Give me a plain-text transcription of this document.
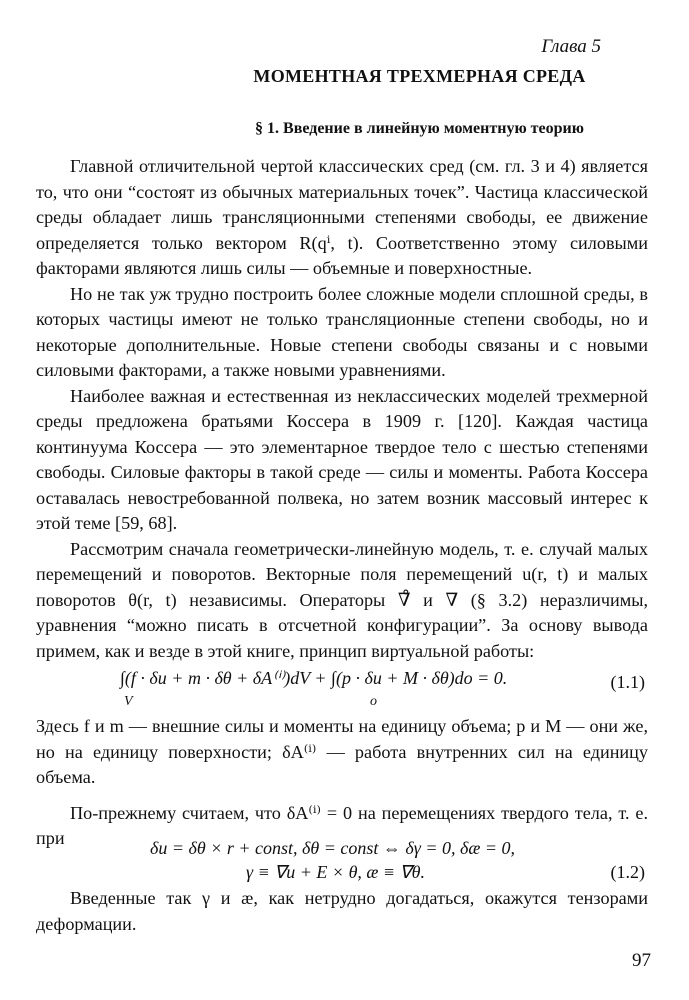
Глава 5
МОМЕНТНАЯ ТРЕХМЕРНАЯ СРЕДА
§ 1. Введение в линейную моментную теорию

Главной отличительной чертой классических сред (см. гл. 3 и 4) является то, что они “состоят из обычных материальных точек”. Частица классической среды обладает лишь трансляционными степенями свободы, ее движение определяется только вектором R(qⁱ, t). Соответственно этому силовыми факторами являются лишь силы — объемные и поверхностные.

Но не так уж трудно построить более сложные модели сплошной среды, в которых частицы имеют не только трансляционные степени свободы, но и некоторые дополнительные. Новые степени свободы связаны и с новыми силовыми факторами, а также новыми уравнениями.

Наиболее важная и естественная из неклассических моделей трехмерной среды предложена братьями Коссера в 1909 г. [120]. Каждая частица континуума Коссера — это элементарное твердое тело с шестью степенями свободы. Силовые факторы в такой среде — силы и моменты. Работа Коссера оставалась невостребованной полвека, но затем возник массовый интерес к этой теме [59, 68].

Рассмотрим сначала геометрически-линейную модель, т. е. случай малых перемещений и поворотов. Векторные поля перемещений u(r, t) и малых поворотов θ(r, t) независимы. Операторы ∇̊ и ∇ (§ 3.2) неразличимы, уравнения “можно писать в отсчетной конфигурации”. За основу вывода примем, как и везде в этой книге, принцип виртуальной работы:

∫(f · δu + m · δθ + δA⁽ⁱ⁾)dV + ∫(p · δu + M · δθ)do = 0.
V	o
(1.1)

Здесь f и m — внешние силы и моменты на единицу объема; p и M — они же, но на единицу поверхности; δA⁽ⁱ⁾ — работа внутренних сил на единицу объема.

По-прежнему считаем, что δA⁽ⁱ⁾ = 0 на перемещениях твердого тела, т. е. при	δu = δθ × r + const, δθ = const ⇔ δγ = 0, δæ = 0,
γ ≡ ∇u + E × θ, æ ≡ ∇θ.	(1.2)

Введенные так γ и æ, как нетрудно догадаться, окажутся тензорами деформации.

97
